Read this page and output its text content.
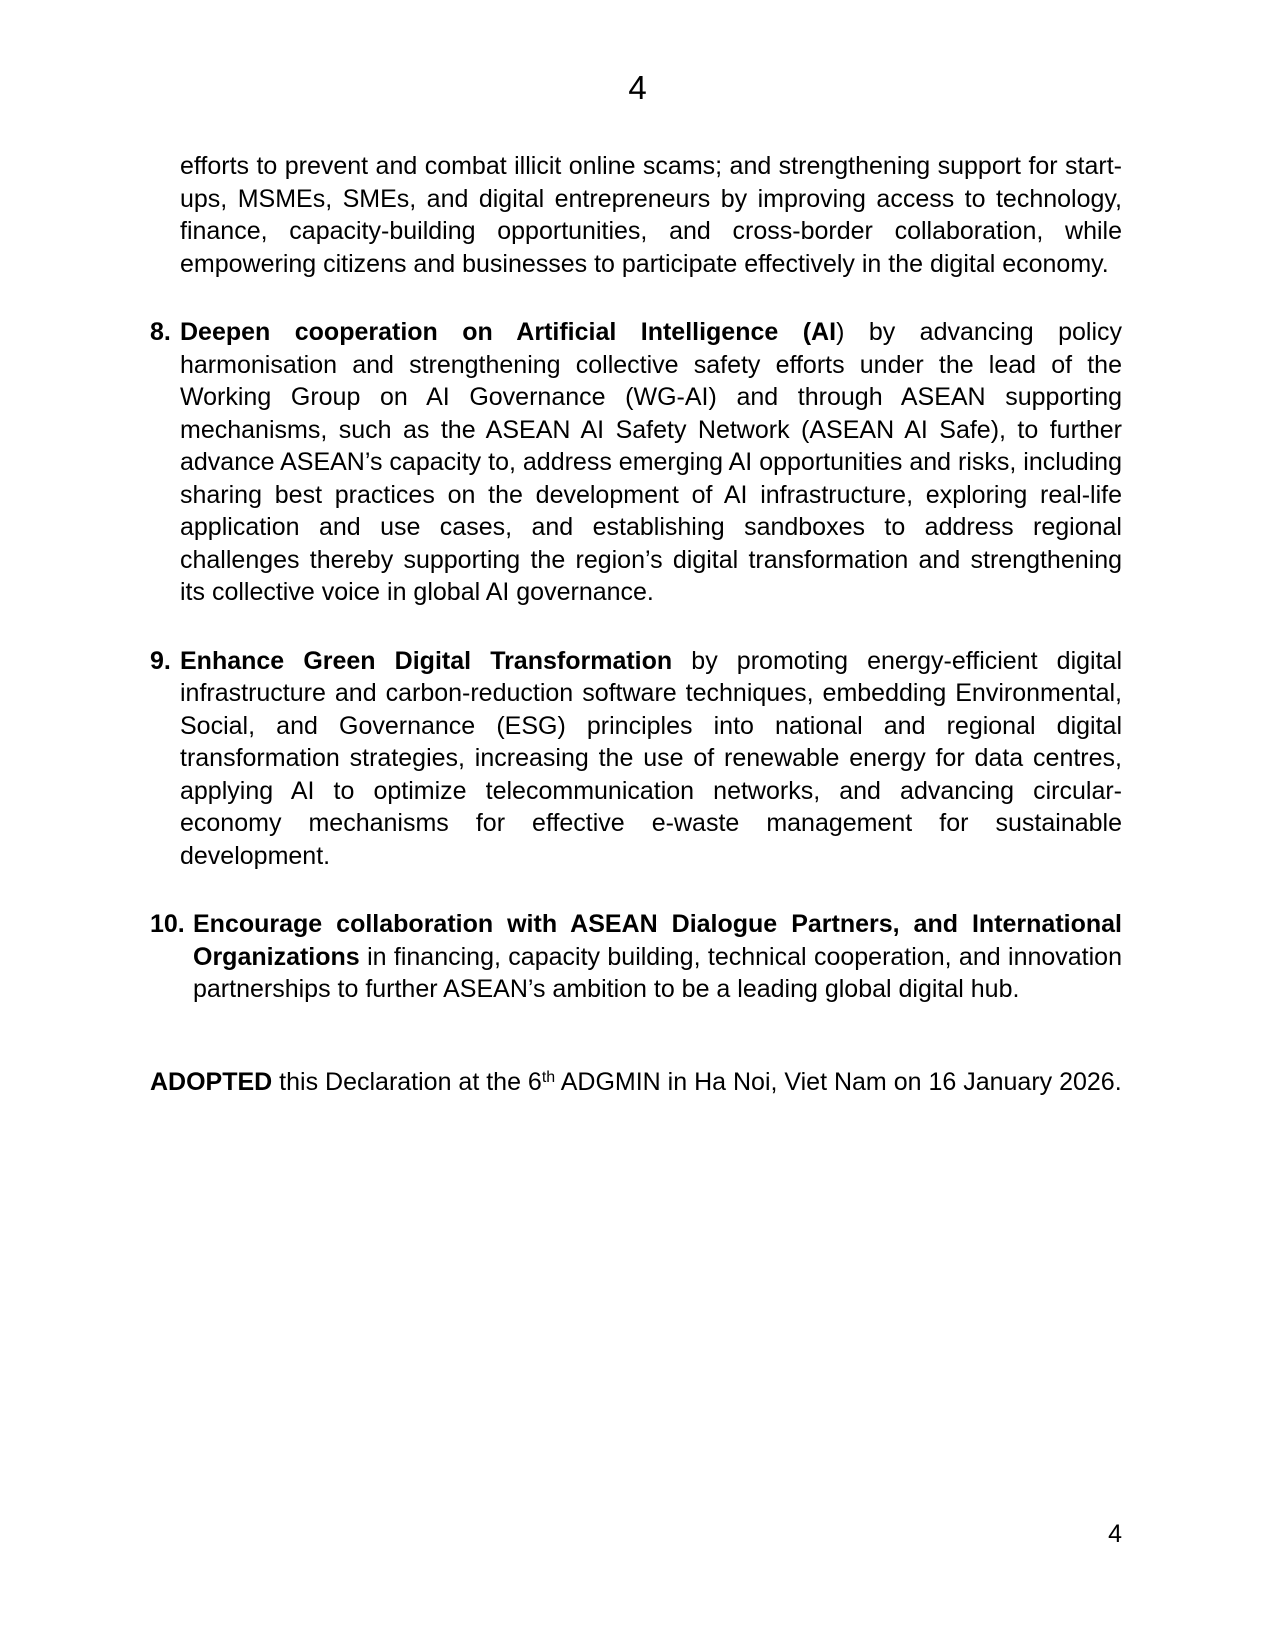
4

efforts to prevent and combat illicit online scams; and strengthening support for start-ups, MSMEs, SMEs, and digital entrepreneurs by improving access to technology, finance, capacity-building opportunities, and cross-border collaboration, while empowering citizens and businesses to participate effectively in the digital economy.

8. Deepen cooperation on Artificial Intelligence (AI) by advancing policy harmonisation and strengthening collective safety efforts under the lead of the Working Group on AI Governance (WG-AI) and through ASEAN supporting mechanisms, such as the ASEAN AI Safety Network (ASEAN AI Safe), to further advance ASEAN’s capacity to, address emerging AI opportunities and risks, including sharing best practices on the development of AI infrastructure, exploring real-life application and use cases, and establishing sandboxes to address regional challenges thereby supporting the region’s digital transformation and strengthening its collective voice in global AI governance.
9. Enhance Green Digital Transformation by promoting energy-efficient digital infrastructure and carbon-reduction software techniques, embedding Environmental, Social, and Governance (ESG) principles into national and regional digital transformation strategies, increasing the use of renewable energy for data centres, applying AI to optimize telecommunication networks, and advancing circular-economy mechanisms for effective e-waste management for sustainable development.
10. Encourage collaboration with ASEAN Dialogue Partners, and International Organizations in financing, capacity building, technical cooperation, and innovation partnerships to further ASEAN’s ambition to be a leading global digital hub.

ADOPTED this Declaration at the 6th ADGMIN in Ha Noi, Viet Nam on 16 January 2026.

4
